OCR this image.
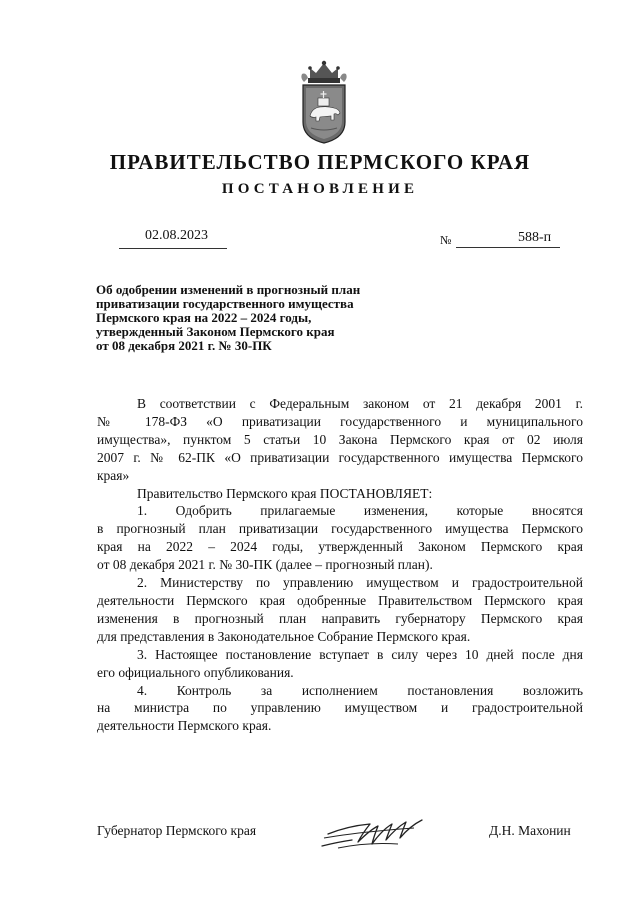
ПРАВИТЕЛЬСТВО ПЕРМСКОГО КРАЯ
ПОСТАНОВЛЕНИЕ
02.08.2023	№	588-п
Об одобрении изменений в прогнозный план
приватизации государственного имущества
Пермского края на 2022 – 2024 годы,
утвержденный Законом Пермского края
от 08 декабря 2021 г. № 30-ПК
В соответствии с Федеральным законом от 21 декабря 2001 г.
№ 178-ФЗ «О приватизации государственного и муниципального
имущества», пунктом 5 статьи 10 Закона Пермского края от 02 июля
2007 г. № 62-ПК «О приватизации государственного имущества Пермского
края»
Правительство Пермского края ПОСТАНОВЛЯЕТ:
1. Одобрить прилагаемые изменения, которые вносятся
в прогнозный план приватизации государственного имущества Пермского
края на 2022 – 2024 годы, утвержденный Законом Пермского края
от 08 декабря 2021 г. № 30-ПК (далее – прогнозный план).
2. Министерству по управлению имуществом и градостроительной
деятельности Пермского края одобренные Правительством Пермского края
изменения в прогнозный план направить губернатору Пермского края
для представления в Законодательное Собрание Пермского края.
3. Настоящее постановление вступает в силу через 10 дней после дня
его официального опубликования.
4. Контроль за исполнением постановления возложить
на министра по управлению имуществом и градостроительной
деятельности Пермского края.
Губернатор Пермского края	Д.Н. Махонин
